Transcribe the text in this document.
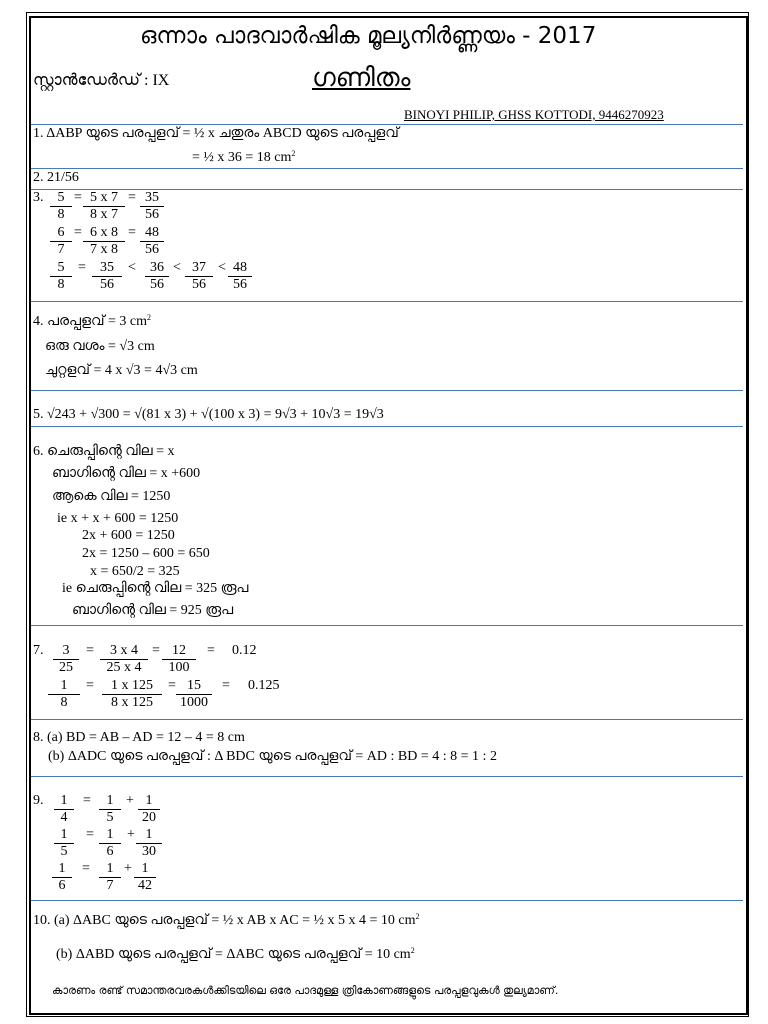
ഒന്നാം പാദവാർഷിക മൂല്യനിർണ്ണയം - 2017
സ്റ്റാൻഡേർഡ് : IX	ഗണിതം
BINOYI PHILIP, GHSS KOTTODI, 9446270923
1. ΔABP യുടെ പരപ്പളവ് = ½ x ചതുരം ABCD യുടെ പരപ്പളവ്
= ½ x 36 = 18 $cm^2$
2. 21/56
3. $\frac{5}{8} = \frac{5 x 7}{8 x 7} = \frac{35}{56}$
$\frac{6}{7} = \frac{6 x 8}{7 x 8} = \frac{48}{56}$
$\frac{5}{8} = \frac{35}{56} < \frac{36}{56} < \frac{37}{56} < \frac{48}{56}$
4. പരപ്പളവ് = 3 $cm^2$
ഒരു വശം = √3 cm
ചുറ്റളവ് = 4 x √3 = 4√3 cm
5. √243 + √300 = √(81 x 3) + √(100 x 3) = 9√3 + 10√3 = 19√3
6. ചെരുപ്പിന്റെ വില = x
ബാഗിന്റെ വില = x +600
ആകെ വില = 1250
ie x + x + 600 = 1250
2x + 600 = 1250
2x = 1250 – 600 = 650
x = 650/2 = 325
ie ചെരുപ്പിന്റെ വില = 325 രൂപ
ബാഗിന്റെ വില = 925 രൂപ
7. $\frac{3}{25} = \frac{3 x 4}{25 x 4} = \frac{12}{100} = 0.12$
$\frac{1}{8} = \frac{1 x 125}{8 x 125} = \frac{15}{1000} = 0.125$
8. (a) BD = AB – AD = 12 – 4 = 8 cm
(b) ΔADC യുടെ പരപ്പളവ് : Δ BDC യുടെ പരപ്പളവ് = AD : BD = 4 : 8 = 1 : 2
9. $\frac{1}{4} = \frac{1}{5} + \frac{1}{20}$
$\frac{1}{5} = \frac{1}{6} + \frac{1}{30}$
$\frac{1}{6} = \frac{1}{7} + \frac{1}{42}$
10. (a) ΔABC യുടെ പരപ്പളവ് = ½ x AB x AC = ½ x 5 x 4 = 10 $cm^2$
(b) ΔABD യുടെ പരപ്പളവ് = ΔABC യുടെ പരപ്പളവ് = 10 $cm^2$
കാരണം രണ്ട് സമാന്തരവരകൾക്കിടയിലെ ഒരേ പാദമുള്ള ത്രികോണങ്ങളുടെ പരപ്പളവുകൾ തുല്യമാണ്.
